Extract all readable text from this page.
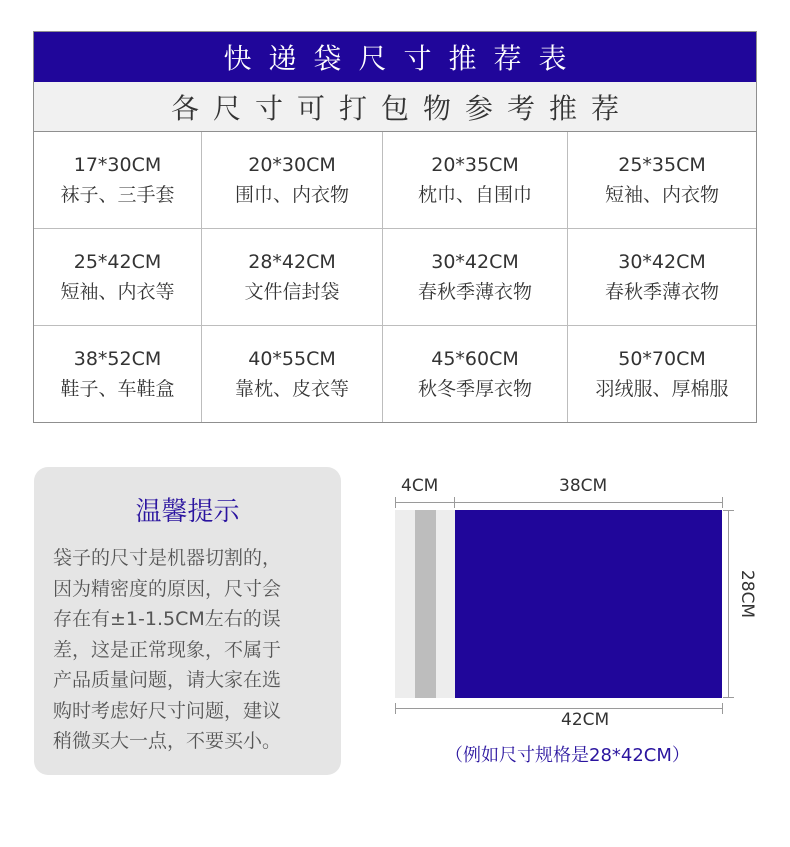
快递袋尺寸推荐表
各尺寸可打包物参考推荐
17*30CM
袜子、三手套
20*30CM
围巾、内衣物
20*35CM
枕巾、自围巾
25*35CM
短袖、内衣物
25*42CM
短袖、内衣等
28*42CM
文件信封袋
30*42CM
春秋季薄衣物
30*42CM
春秋季薄衣物
38*52CM
鞋子、车鞋盒
40*55CM
靠枕、皮衣等
45*60CM
秋冬季厚衣物
50*70CM
羽绒服、厚棉服
温馨提示
袋子的尺寸是机器切割的，
因为精密度的原因，尺寸会
存在有±1-1.5CM左右的误
差，这是正常现象，不属于
产品质量问题，请大家在选
购时考虑好尺寸问题，建议
稍微买大一点，不要买小。
4CM	38CM
28CM
42CM
（例如尺寸规格是28*42CM）
